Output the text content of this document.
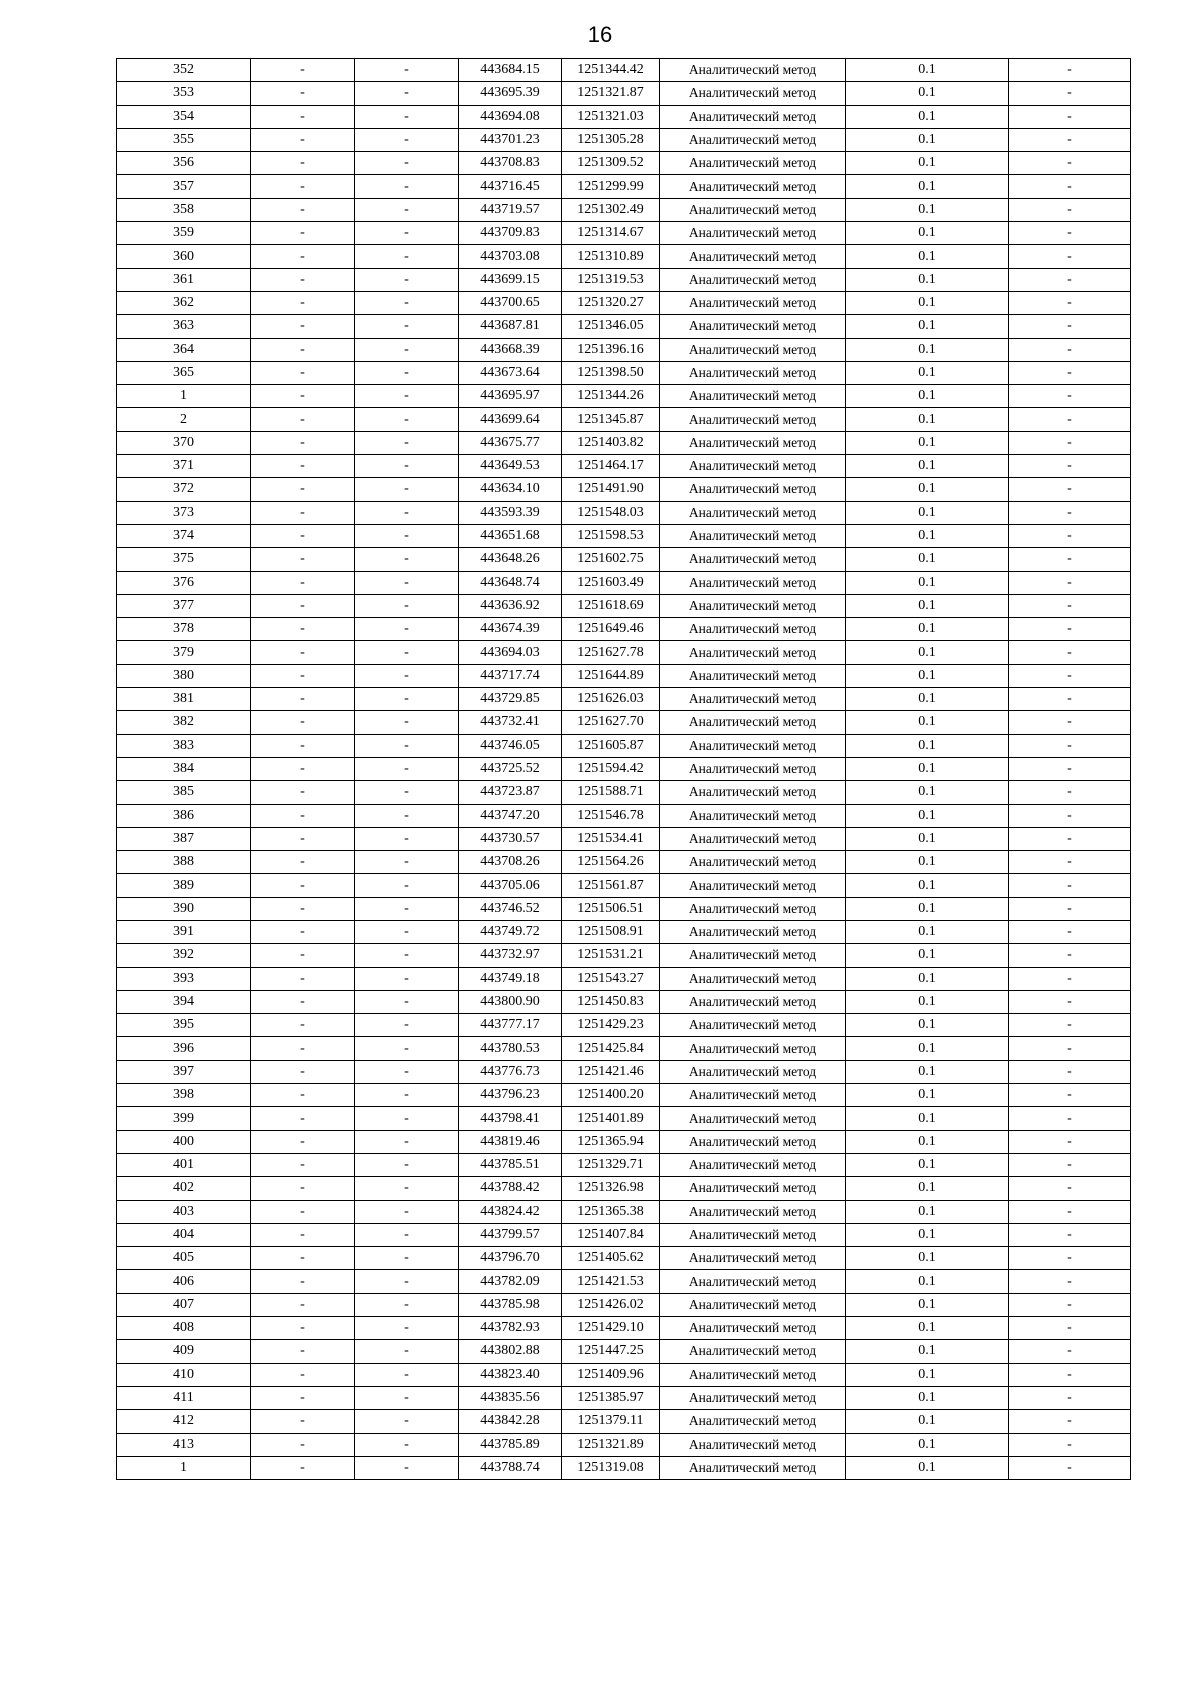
16
352	-	-	443684.15	1251344.42	Аналитический метод	0.1	-
353	-	-	443695.39	1251321.87	Аналитический метод	0.1	-
354	-	-	443694.08	1251321.03	Аналитический метод	0.1	-
355	-	-	443701.23	1251305.28	Аналитический метод	0.1	-
356	-	-	443708.83	1251309.52	Аналитический метод	0.1	-
357	-	-	443716.45	1251299.99	Аналитический метод	0.1	-
358	-	-	443719.57	1251302.49	Аналитический метод	0.1	-
359	-	-	443709.83	1251314.67	Аналитический метод	0.1	-
360	-	-	443703.08	1251310.89	Аналитический метод	0.1	-
361	-	-	443699.15	1251319.53	Аналитический метод	0.1	-
362	-	-	443700.65	1251320.27	Аналитический метод	0.1	-
363	-	-	443687.81	1251346.05	Аналитический метод	0.1	-
364	-	-	443668.39	1251396.16	Аналитический метод	0.1	-
365	-	-	443673.64	1251398.50	Аналитический метод	0.1	-
1	-	-	443695.97	1251344.26	Аналитический метод	0.1	-
2	-	-	443699.64	1251345.87	Аналитический метод	0.1	-
370	-	-	443675.77	1251403.82	Аналитический метод	0.1	-
371	-	-	443649.53	1251464.17	Аналитический метод	0.1	-
372	-	-	443634.10	1251491.90	Аналитический метод	0.1	-
373	-	-	443593.39	1251548.03	Аналитический метод	0.1	-
374	-	-	443651.68	1251598.53	Аналитический метод	0.1	-
375	-	-	443648.26	1251602.75	Аналитический метод	0.1	-
376	-	-	443648.74	1251603.49	Аналитический метод	0.1	-
377	-	-	443636.92	1251618.69	Аналитический метод	0.1	-
378	-	-	443674.39	1251649.46	Аналитический метод	0.1	-
379	-	-	443694.03	1251627.78	Аналитический метод	0.1	-
380	-	-	443717.74	1251644.89	Аналитический метод	0.1	-
381	-	-	443729.85	1251626.03	Аналитический метод	0.1	-
382	-	-	443732.41	1251627.70	Аналитический метод	0.1	-
383	-	-	443746.05	1251605.87	Аналитический метод	0.1	-
384	-	-	443725.52	1251594.42	Аналитический метод	0.1	-
385	-	-	443723.87	1251588.71	Аналитический метод	0.1	-
386	-	-	443747.20	1251546.78	Аналитический метод	0.1	-
387	-	-	443730.57	1251534.41	Аналитический метод	0.1	-
388	-	-	443708.26	1251564.26	Аналитический метод	0.1	-
389	-	-	443705.06	1251561.87	Аналитический метод	0.1	-
390	-	-	443746.52	1251506.51	Аналитический метод	0.1	-
391	-	-	443749.72	1251508.91	Аналитический метод	0.1	-
392	-	-	443732.97	1251531.21	Аналитический метод	0.1	-
393	-	-	443749.18	1251543.27	Аналитический метод	0.1	-
394	-	-	443800.90	1251450.83	Аналитический метод	0.1	-
395	-	-	443777.17	1251429.23	Аналитический метод	0.1	-
396	-	-	443780.53	1251425.84	Аналитический метод	0.1	-
397	-	-	443776.73	1251421.46	Аналитический метод	0.1	-
398	-	-	443796.23	1251400.20	Аналитический метод	0.1	-
399	-	-	443798.41	1251401.89	Аналитический метод	0.1	-
400	-	-	443819.46	1251365.94	Аналитический метод	0.1	-
401	-	-	443785.51	1251329.71	Аналитический метод	0.1	-
402	-	-	443788.42	1251326.98	Аналитический метод	0.1	-
403	-	-	443824.42	1251365.38	Аналитический метод	0.1	-
404	-	-	443799.57	1251407.84	Аналитический метод	0.1	-
405	-	-	443796.70	1251405.62	Аналитический метод	0.1	-
406	-	-	443782.09	1251421.53	Аналитический метод	0.1	-
407	-	-	443785.98	1251426.02	Аналитический метод	0.1	-
408	-	-	443782.93	1251429.10	Аналитический метод	0.1	-
409	-	-	443802.88	1251447.25	Аналитический метод	0.1	-
410	-	-	443823.40	1251409.96	Аналитический метод	0.1	-
411	-	-	443835.56	1251385.97	Аналитический метод	0.1	-
412	-	-	443842.28	1251379.11	Аналитический метод	0.1	-
413	-	-	443785.89	1251321.89	Аналитический метод	0.1	-
1	-	-	443788.74	1251319.08	Аналитический метод	0.1	-
